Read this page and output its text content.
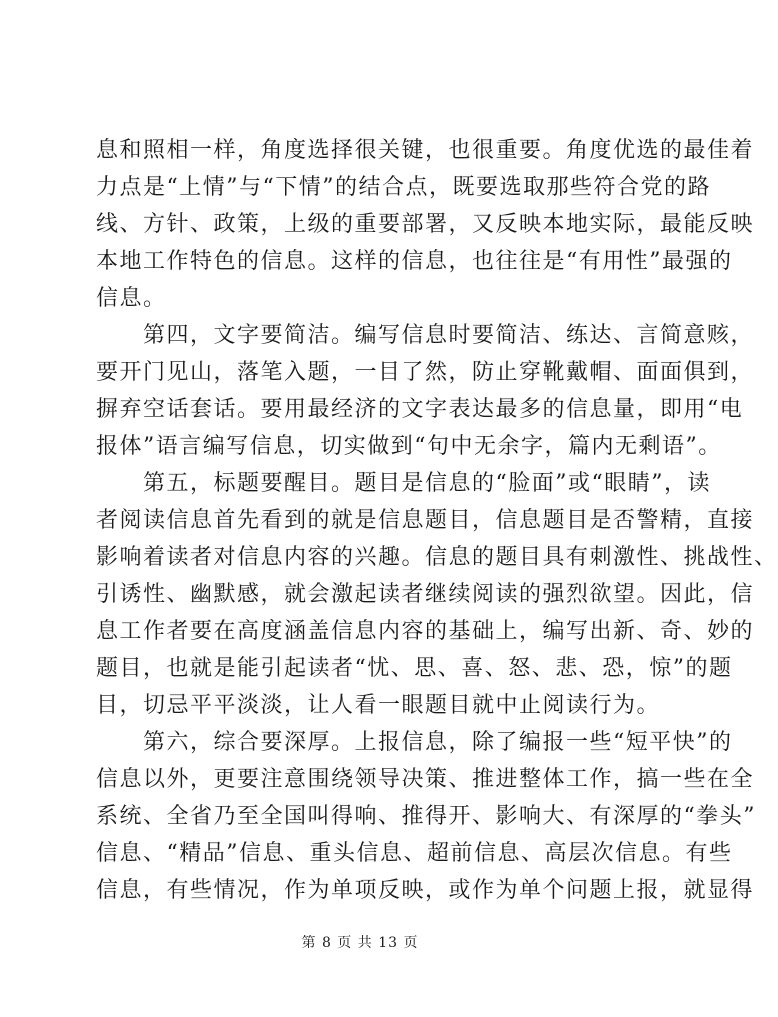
息和照相一样，角度选择很关键，也很重要。角度优选的最佳着
力点是“上情”与“下情”的结合点，既要选取那些符合党的路
线、方针、政策，上级的重要部署，又反映本地实际，最能反映
本地工作特色的信息。这样的信息，也往往是“有用性”最强的
信息。
　　第四，文字要简洁。编写信息时要简洁、练达、言简意赅，
要开门见山，落笔入题，一目了然，防止穿靴戴帽、面面俱到，
摒弃空话套话。要用最经济的文字表达最多的信息量，即用“电
报体”语言编写信息，切实做到“句中无余字，篇内无剩语”。
　　第五，标题要醒目。题目是信息的“脸面”或“眼睛”，读
者阅读信息首先看到的就是信息题目，信息题目是否警精，直接
影响着读者对信息内容的兴趣。信息的题目具有刺激性、挑战性、
引诱性、幽默感，就会激起读者继续阅读的强烈欲望。因此，信
息工作者要在高度涵盖信息内容的基础上，编写出新、奇、妙的
题目，也就是能引起读者“忧、思、喜、怒、悲、恐，惊”的题
目，切忌平平淡淡，让人看一眼题目就中止阅读行为。
　　第六，综合要深厚。上报信息，除了编报一些“短平快”的
信息以外，更要注意围绕领导决策、推进整体工作，搞一些在全
系统、全省乃至全国叫得响、推得开、影响大、有深厚的“拳头”
信息、“精品”信息、重头信息、超前信息、高层次信息。有些
信息，有些情况，作为单项反映，或作为单个问题上报，就显得
第 8 页 共 13 页
